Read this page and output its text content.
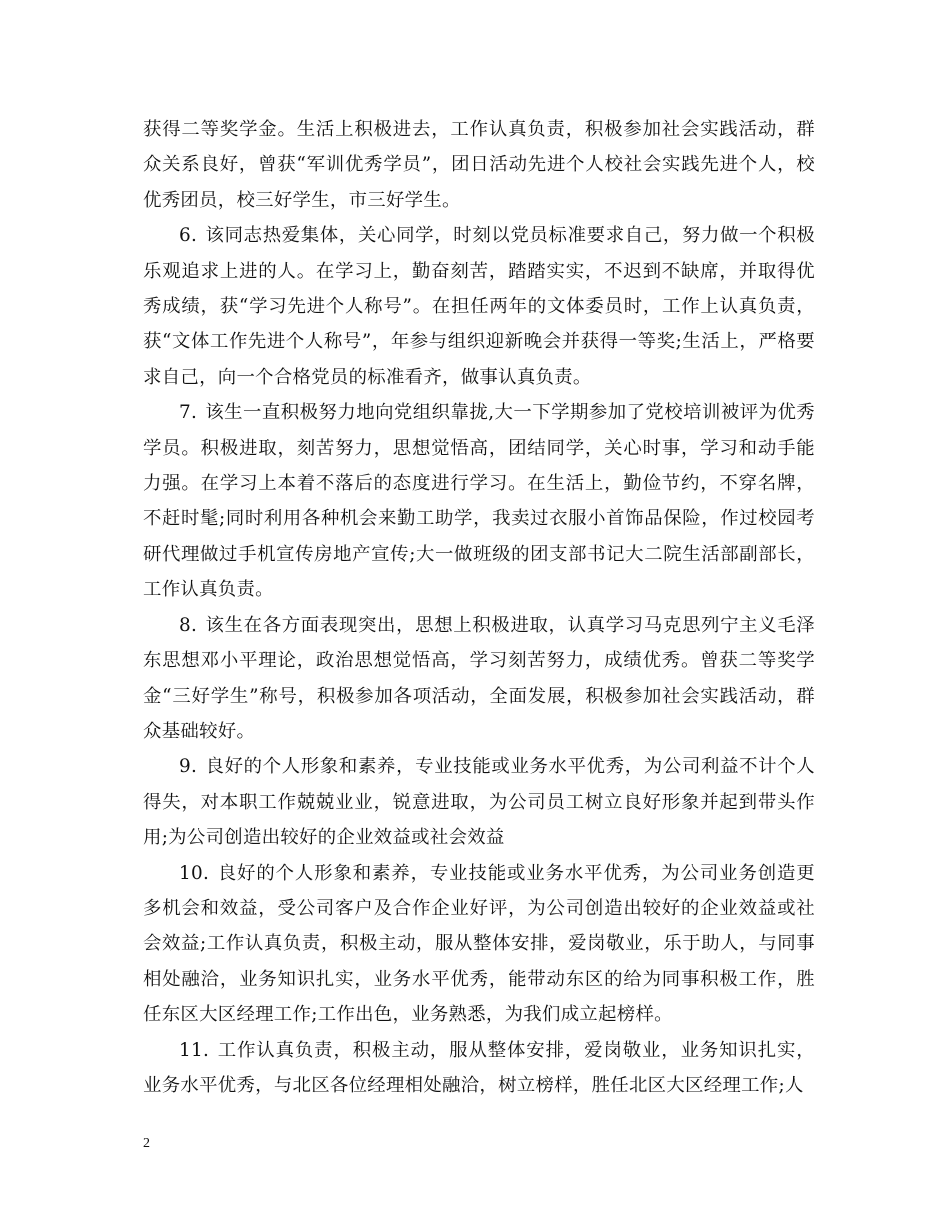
获得二等奖学金。生活上积极进去，工作认真负责，积极参加社会实践活动，群众关系良好，曾获“军训优秀学员”，团日活动先进个人校社会实践先进个人，校优秀团员，校三好学生，市三好学生。

6. 该同志热爱集体，关心同学，时刻以党员标准要求自己，努力做一个积极乐观追求上进的人。在学习上，勤奋刻苦，踏踏实实，不迟到不缺席，并取得优秀成绩，获“学习先进个人称号”。在担任两年的文体委员时，工作上认真负责，获“文体工作先进个人称号”，年参与组织迎新晚会并获得一等奖;生活上，严格要求自己，向一个合格党员的标准看齐，做事认真负责。

7. 该生一直积极努力地向党组织靠拢,大一下学期参加了党校培训被评为优秀学员。积极进取，刻苦努力，思想觉悟高，团结同学，关心时事，学习和动手能力强。在学习上本着不落后的态度进行学习。在生活上，勤俭节约，不穿名牌，不赶时髦;同时利用各种机会来勤工助学，我卖过衣服小首饰品保险，作过校园考研代理做过手机宣传房地产宣传;大一做班级的团支部书记大二院生活部副部长，工作认真负责。

8. 该生在各方面表现突出，思想上积极进取，认真学习马克思列宁主义毛泽东思想邓小平理论，政治思想觉悟高，学习刻苦努力，成绩优秀。曾获二等奖学金“三好学生”称号，积极参加各项活动，全面发展，积极参加社会实践活动，群众基础较好。

9. 良好的个人形象和素养，专业技能或业务水平优秀，为公司利益不计个人得失，对本职工作兢兢业业，锐意进取，为公司员工树立良好形象并起到带头作用;为公司创造出较好的企业效益或社会效益

10. 良好的个人形象和素养，专业技能或业务水平优秀，为公司业务创造更多机会和效益，受公司客户及合作企业好评，为公司创造出较好的企业效益或社会效益;工作认真负责，积极主动，服从整体安排，爱岗敬业，乐于助人，与同事相处融洽，业务知识扎实，业务水平优秀，能带动东区的给为同事积极工作，胜任东区大区经理工作;工作出色，业务熟悉，为我们成立起榜样。

11. 工作认真负责，积极主动，服从整体安排，爱岗敬业，业务知识扎实，业务水平优秀，与北区各位经理相处融洽，树立榜样，胜任北区大区经理工作;人

2
